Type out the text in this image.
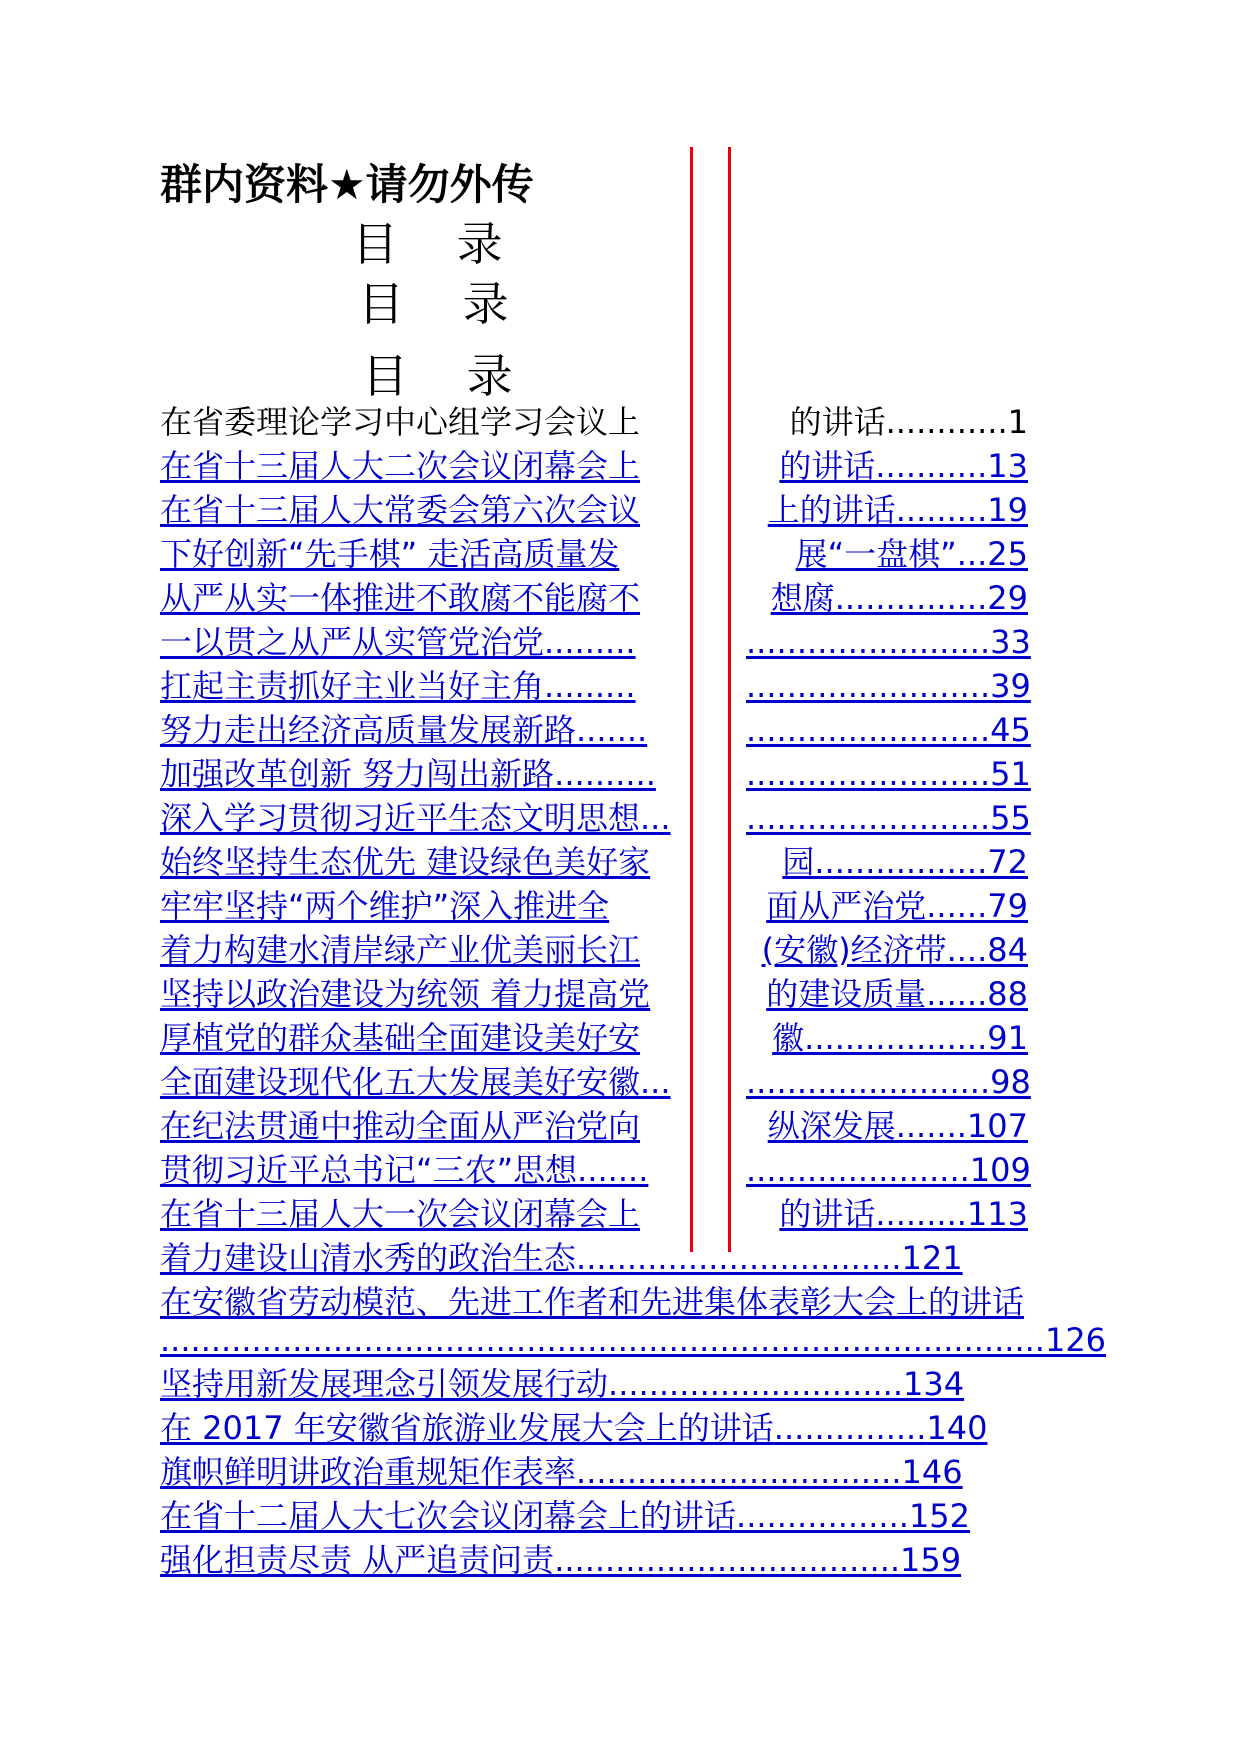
群内资料★请勿外传
目 录
目 录
目 录
在省委理论学习中心组学习会议上	的讲话............1
在省十三届人大二次会议闭幕会上	的讲话...........13
在省十三届人大常委会第六次会议	上的讲话.........19
下好创新“先手棋” 走活高质量发	展“一盘棋”...25
从严从实一体推进不敢腐不能腐不	想腐...............29
一以贯之从严从实管党治党.........	........................33
扛起主责抓好主业当好主角.........	........................39
努力走出经济高质量发展新路.......	........................45
加强改革创新 努力闯出新路..........	........................51
深入学习贯彻习近平生态文明思想...	........................55
始终坚持生态优先 建设绿色美好家	园.................72
牢牢坚持“两个维护”深入推进全	面从严治党......79
着力构建水清岸绿产业优美丽长江	(安徽)经济带....84
坚持以政治建设为统领 着力提高党	的建设质量......88
厚植党的群众基础全面建设美好安	徽..................91
全面建设现代化五大发展美好安徽...	........................98
在纪法贯通中推动全面从严治党向	纵深发展.......107
贯彻习近平总书记“三农”思想.......	......................109
在省十三届人大一次会议闭幕会上	的讲话.........113
着力建设山清水秀的政治生态................................121
在安徽省劳动模范、先进工作者和先进集体表彰大会上的讲话
.......................................................................................126
坚持用新发展理念引领发展行动.............................134
在 2017 年安徽省旅游业发展大会上的讲话...............140
旗帜鲜明讲政治重规矩作表率................................146
在省十二届人大七次会议闭幕会上的讲话.................152
强化担责尽责 从严追责问责..................................159
